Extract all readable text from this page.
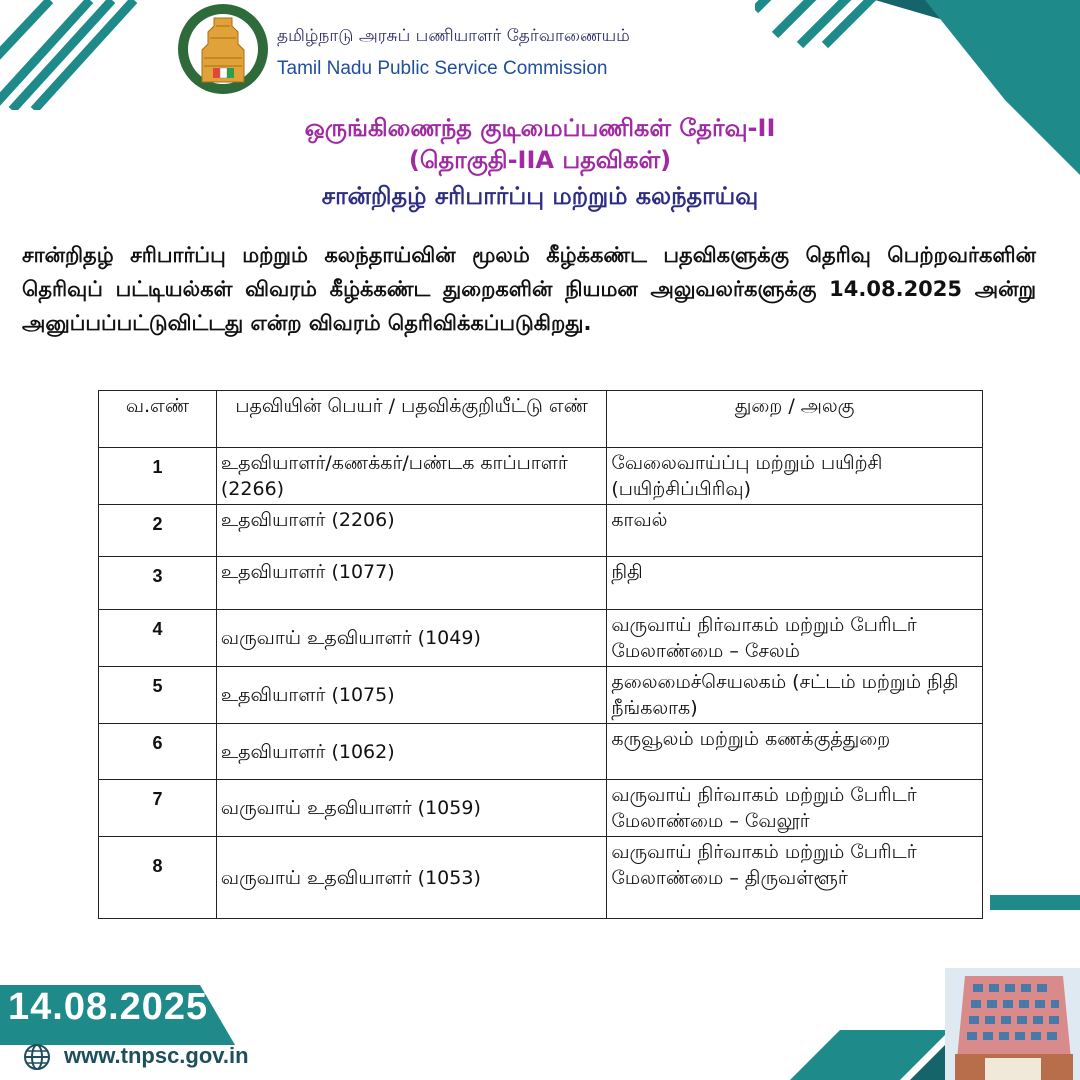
தமிழ்நாடு அரசுப் பணியாளர் தேர்வாணையம்
Tamil Nadu Public Service Commission
ஒருங்கிணைந்த குடிமைப்பணிகள் தேர்வு-II
(தொகுதி-IIA பதவிகள்)
சான்றிதழ் சரிபார்ப்பு மற்றும் கலந்தாய்வு
சான்றிதழ் சரிபார்ப்பு மற்றும் கலந்தாய்வின் மூலம் கீழ்க்கண்ட பதவிகளுக்கு தெரிவு பெற்றவர்களின் தெரிவுப் பட்டியல்கள் விவரம் கீழ்க்கண்ட துறைகளின் நியமன அலுவலர்களுக்கு 14.08.2025 அன்று அனுப்பப்பட்டுவிட்டது என்ற விவரம் தெரிவிக்கப்படுகிறது.
வ.எண்	பதவியின் பெயர் / பதவிக்குறியீட்டு எண்	துறை / அலகு
1	உதவியாளர்/கணக்கர்/பண்டக காப்பாளர் (2266)	வேலைவாய்ப்பு மற்றும் பயிற்சி (பயிற்சிப்பிரிவு)
2	உதவியாளர் (2206)	காவல்
3	உதவியாளர் (1077)	நிதி
4	வருவாய் உதவியாளர் (1049)	வருவாய் நிர்வாகம் மற்றும் பேரிடர் மேலாண்மை – சேலம்
5	உதவியாளர் (1075)	தலைமைச்செயலகம் (சட்டம் மற்றும் நிதி நீங்கலாக)
6	உதவியாளர் (1062)	கருவூலம் மற்றும் கணக்குத்துறை
7	வருவாய் உதவியாளர் (1059)	வருவாய் நிர்வாகம் மற்றும் பேரிடர் மேலாண்மை – வேலூர்
8	வருவாய் உதவியாளர் (1053)	வருவாய் நிர்வாகம் மற்றும் பேரிடர் மேலாண்மை – திருவள்ளூர்
14.08.2025
www.tnpsc.gov.in
